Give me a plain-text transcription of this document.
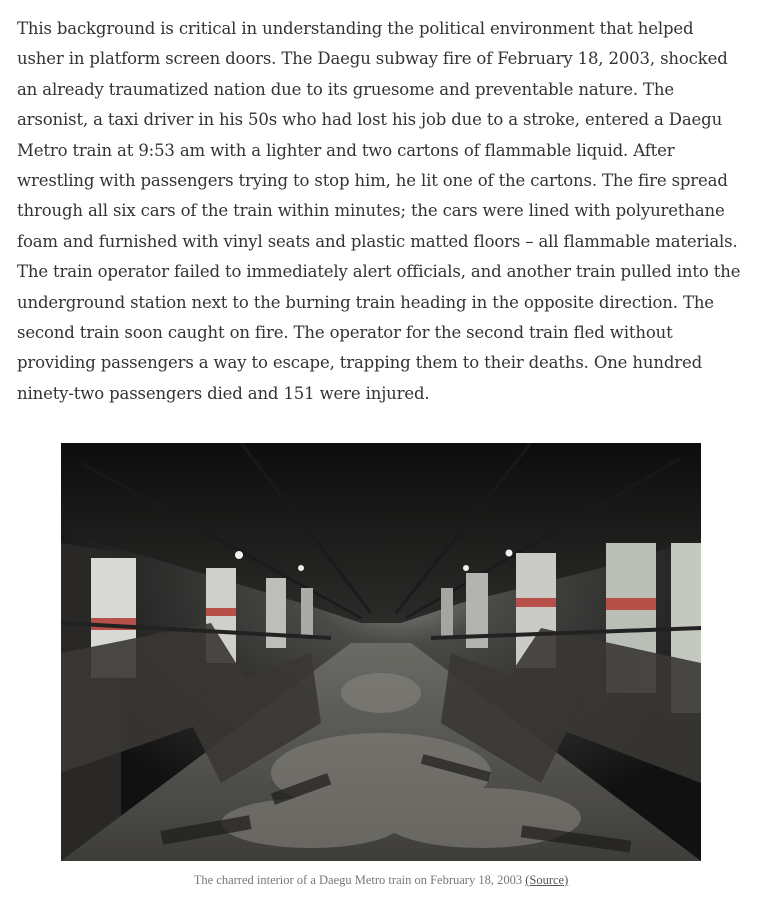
This background is critical in understanding the political environment that helped usher in platform screen doors. The Daegu subway fire of February 18, 2003, shocked an already traumatized nation due to its gruesome and preventable nature. The arsonist, a taxi driver in his 50s who had lost his job due to a stroke, entered a Daegu Metro train at 9:53 am with a lighter and two cartons of flammable liquid. After wrestling with passengers trying to stop him, he lit one of the cartons. The fire spread through all six cars of the train within minutes; the cars were lined with polyurethane foam and furnished with vinyl seats and plastic matted floors – all flammable materials. The train operator failed to immediately alert officials, and another train pulled into the underground station next to the burning train heading in the opposite direction. The second train soon caught on fire. The operator for the second train fled without providing passengers a way to escape, trapping them to their deaths. One hundred ninety-two passengers died and 151 were injured.

The charred interior of a Daegu Metro train on February 18, 2003 (Source)
